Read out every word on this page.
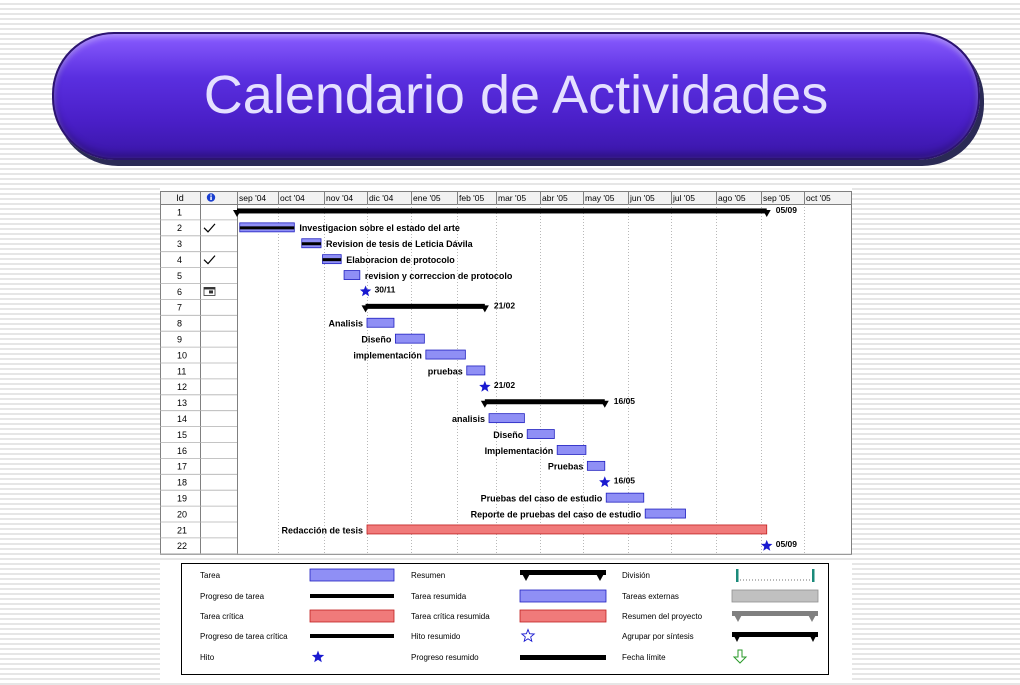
Calendario de Actividades
Id	sep '04 oct '04 nov '04 dic '04 ene '05 feb '05 mar '05 abr '05 may '05 jun '05 jul '05	ago '05 sep '05 oct '05
1	05/09
2	Investigacion sobre el estado del arte
3	Revision de tesis de Leticia Dávila
4	Elaboracion de protocolo
5	revision y correccion de protocolo
6	30/11
7	21/02
8	Analisis
9	Diseño
10	implementación
11	pruebas
12	21/02
13	16/05
14	analisis
15	Diseño
16	Implementación
17	Pruebas
18	16/05
19	Pruebas del caso de estudio
20	Reporte de pruebas del caso de estudio
21	Redacción de tesis
22	05/09
Tarea
Progreso de tarea
Tarea crítica
Progreso de tarea crítica
Hito
Resumen
Tarea resumida
Tarea crítica resumida
Hito resumido
Progreso resumido
División
Tareas externas
Resumen del proyecto
Agrupar por síntesis
Fecha límite
